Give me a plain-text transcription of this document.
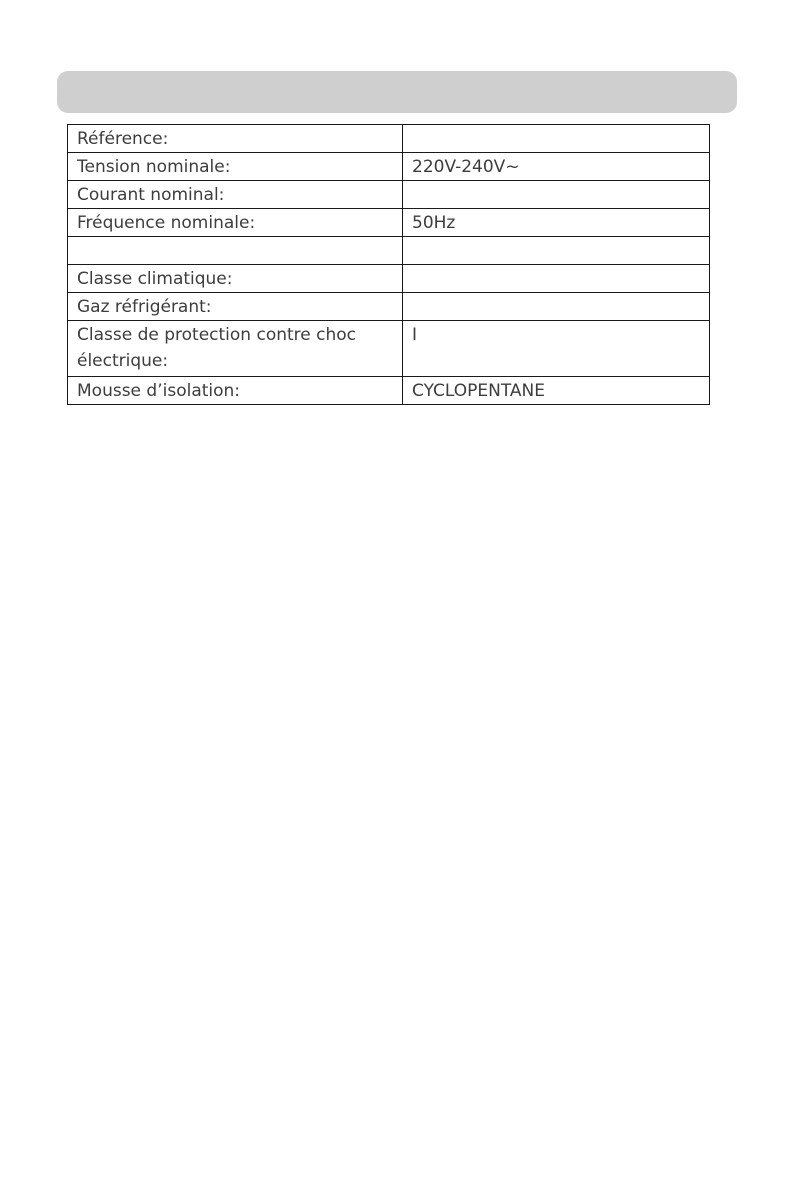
Référence:	

Tension nominale:	220V-240V~

Courant nominal:	

Fréquence nominale:	50Hz

Classe climatique:	

Gaz réfrigérant:	

Classe de protection contre choc électrique:	I

Mousse d’isolation:	CYCLOPENTANE
